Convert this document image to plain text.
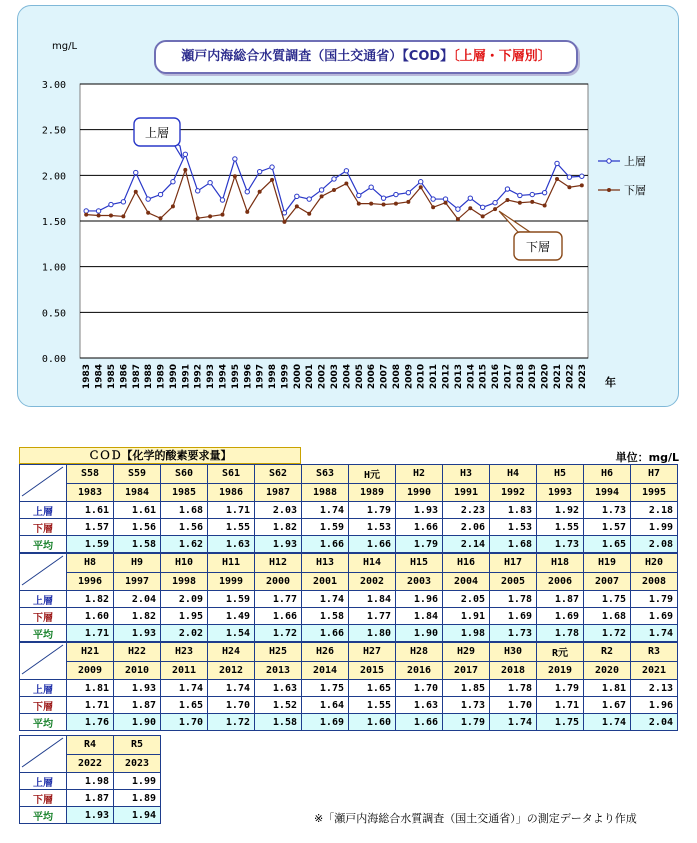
0.00
0.50
1.00
1.50
2.00
2.50
3.00
mg/L
1983 1984 1985 1986 1987 1988 1989 1990 1991 1992 1993 1994 1995 1996 1997 1998 1999 2000 2001 2002 2003 2004 2005 2006 2007 2008 2009 2010 2011 2012 2013 2014 2015 2016 2017 2018 2019 2020 2021 2022 2023 年
上層
下層
上層
下層
瀬戸内海総合水質調査（国土交通省）【COD】〔上層・下層別〕
ＣＯＤ【化学的酸素要求量】	単位：mg/L
	S58	S59	S60	S61	S62	S63	H元	H2	H3	H4	H5	H6	H7
	1983	1984	1985	1986	1987	1988	1989	1990	1991	1992	1993	1994	1995
上層	1.61	1.61	1.68	1.71	2.03	1.74	1.79	1.93	2.23	1.83	1.92	1.73	2.18
下層	1.57	1.56	1.56	1.55	1.82	1.59	1.53	1.66	2.06	1.53	1.55	1.57	1.99
平均	1.59	1.58	1.62	1.63	1.93	1.66	1.66	1.79	2.14	1.68	1.73	1.65	2.08
	H8	H9	H10	H11	H12	H13	H14	H15	H16	H17	H18	H19	H20
	1996	1997	1998	1999	2000	2001	2002	2003	2004	2005	2006	2007	2008
上層	1.82	2.04	2.09	1.59	1.77	1.74	1.84	1.96	2.05	1.78	1.87	1.75	1.79
下層	1.60	1.82	1.95	1.49	1.66	1.58	1.77	1.84	1.91	1.69	1.69	1.68	1.69
平均	1.71	1.93	2.02	1.54	1.72	1.66	1.80	1.90	1.98	1.73	1.78	1.72	1.74
	H21	H22	H23	H24	H25	H26	H27	H28	H29	H30	R元	R2	R3
	2009	2010	2011	2012	2013	2014	2015	2016	2017	2018	2019	2020	2021
上層	1.81	1.93	1.74	1.74	1.63	1.75	1.65	1.70	1.85	1.78	1.79	1.81	2.13
下層	1.71	1.87	1.65	1.70	1.52	1.64	1.55	1.63	1.73	1.70	1.71	1.67	1.96
平均	1.76	1.90	1.70	1.72	1.58	1.69	1.60	1.66	1.79	1.74	1.75	1.74	2.04
	R4	R5
	2022	2023
上層	1.98	1.99
下層	1.87	1.89
平均	1.93	1.94	※「瀬戸内海総合水質調査（国土交通省）」の測定データより作成
